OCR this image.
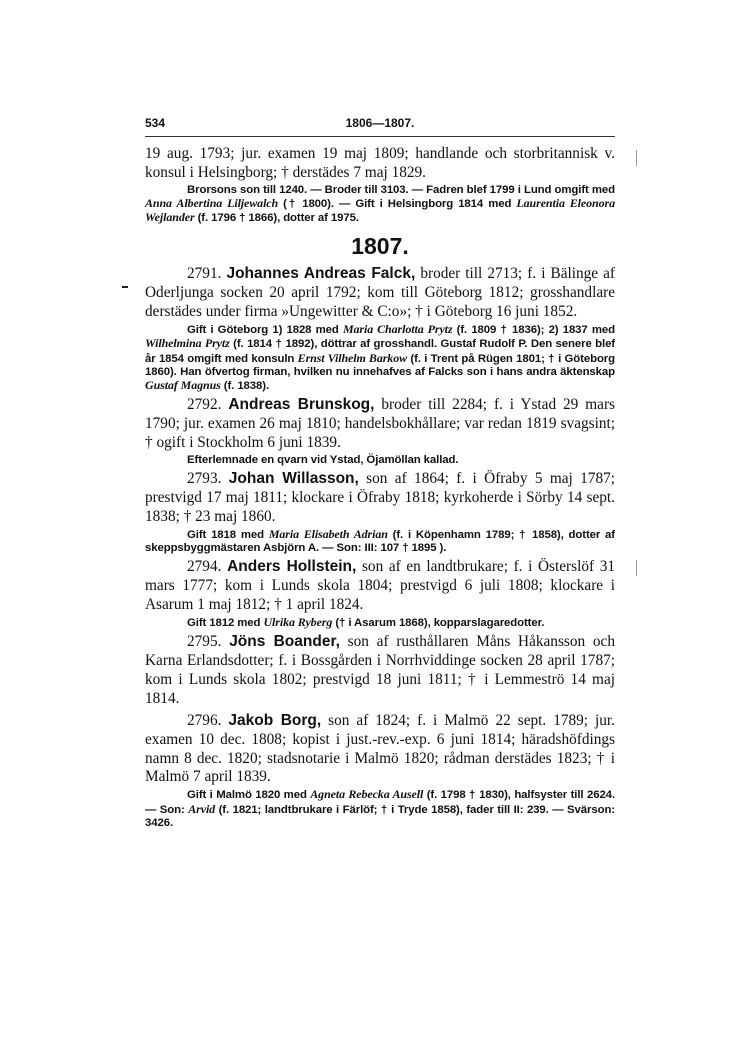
534	1806—1807.

19 aug. 1793; jur. examen 19 maj 1809; handlande och storbritannisk v. konsul i Helsingborg; † derstädes 7 maj 1829.

Brorsons son till 1240. — Broder till 3103. — Fadren blef 1799 i Lund omgift med Anna Albertina Liljewalch († 1800). — Gift i Helsingborg 1814 med Laurentia Eleonora Wejlander (f. 1796 † 1866), dotter af 1975.

1807.

2791. Johannes Andreas Falck, broder till 2713; f. i Bälinge af Oderljunga socken 20 april 1792; kom till Göteborg 1812; grosshandlare derstädes under firma »Ungewitter & C:o»; † i Göteborg 16 juni 1852.

Gift i Göteborg 1) 1828 med Maria Charlotta Prytz (f. 1809 † 1836); 2) 1837 med Wilhelmina Prytz (f. 1814 † 1892), döttrar af grosshandl. Gustaf Rudolf P. Den senere blef år 1854 omgift med konsuln Ernst Vilhelm Barkow (f. i Trent på Rügen 1801; † i Göteborg 1860). Han öfvertog firman, hvilken nu innehafves af Falcks son i hans andra äktenskap Gustaf Magnus (f. 1838).

2792. Andreas Brunskog, broder till 2284; f. i Ystad 29 mars 1790; jur. examen 26 maj 1810; handelsbokhållare; var redan 1819 svagsint; † ogift i Stockholm 6 juni 1839.

Efterlemnade en qvarn vid Ystad, Öjamöllan kallad.

2793. Johan Willasson, son af 1864; f. i Öfraby 5 maj 1787; prestvigd 17 maj 1811; klockare i Öfraby 1818; kyrkoherde i Sörby 14 sept. 1838; † 23 maj 1860.

Gift 1818 med Maria Elisabeth Adrian (f. i Köpenhamn 1789; † 1858), dotter af skeppsbyggmästaren Asbjörn A. — Son: III: 107 † 1895 ).

2794. Anders Hollstein, son af en landtbrukare; f. i Österslöf 31 mars 1777; kom i Lunds skola 1804; prestvigd 6 juli 1808; klockare i Asarum 1 maj 1812; † 1 april 1824.

Gift 1812 med Ulrika Ryberg († i Asarum 1868), kopparslagaredotter.

2795. Jöns Boander, son af rusthållaren Måns Håkansson och Karna Erlandsdotter; f. i Bossgården i Norrhviddinge socken 28 april 1787; kom i Lunds skola 1802; prestvigd 18 juni 1811; † i Lemmeströ 14 maj 1814.

2796. Jakob Borg, son af 1824; f. i Malmö 22 sept. 1789; jur. examen 10 dec. 1808; kopist i just.-rev.-exp. 6 juni 1814; häradshöfdings namn 8 dec. 1820; stadsnotarie i Malmö 1820; rådman derstädes 1823; † i Malmö 7 april 1839.

Gift i Malmö 1820 med Agneta Rebecka Ausell (f. 1798 † 1830), halfsyster till 2624. — Son: Arvid (f. 1821; landtbrukare i Färlöf; † i Tryde 1858), fader till II: 239. — Svärson: 3426.
